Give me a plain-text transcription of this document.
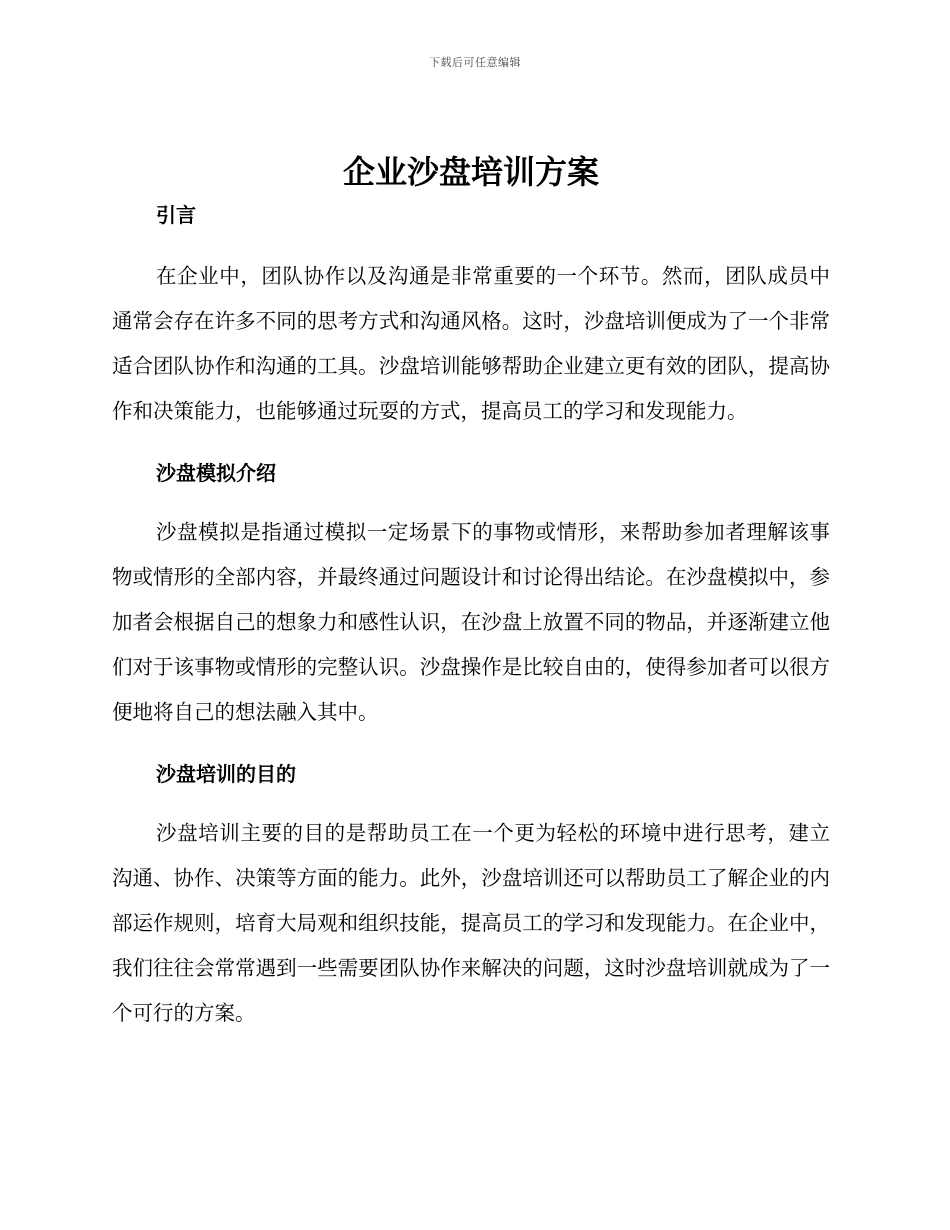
下载后可任意编辑
企业沙盘培训方案
引言

在企业中，团队协作以及沟通是非常重要的一个环节。然而，团队成员中通常会存在许多不同的思考方式和沟通风格。这时，沙盘培训便成为了一个非常适合团队协作和沟通的工具。沙盘培训能够帮助企业建立更有效的团队，提高协作和决策能力，也能够通过玩耍的方式，提高员工的学习和发现能力。

沙盘模拟介绍

沙盘模拟是指通过模拟一定场景下的事物或情形，来帮助参加者理解该事物或情形的全部内容，并最终通过问题设计和讨论得出结论。在沙盘模拟中，参加者会根据自己的想象力和感性认识，在沙盘上放置不同的物品，并逐渐建立他们对于该事物或情形的完整认识。沙盘操作是比较自由的，使得参加者可以很方便地将自己的想法融入其中。

沙盘培训的目的

沙盘培训主要的目的是帮助员工在一个更为轻松的环境中进行思考，建立沟通、协作、决策等方面的能力。此外，沙盘培训还可以帮助员工了解企业的内部运作规则，培育大局观和组织技能，提高员工的学习和发现能力。在企业中，我们往往会常常遇到一些需要团队协作来解决的问题，这时沙盘培训就成为了一个可行的方案。
